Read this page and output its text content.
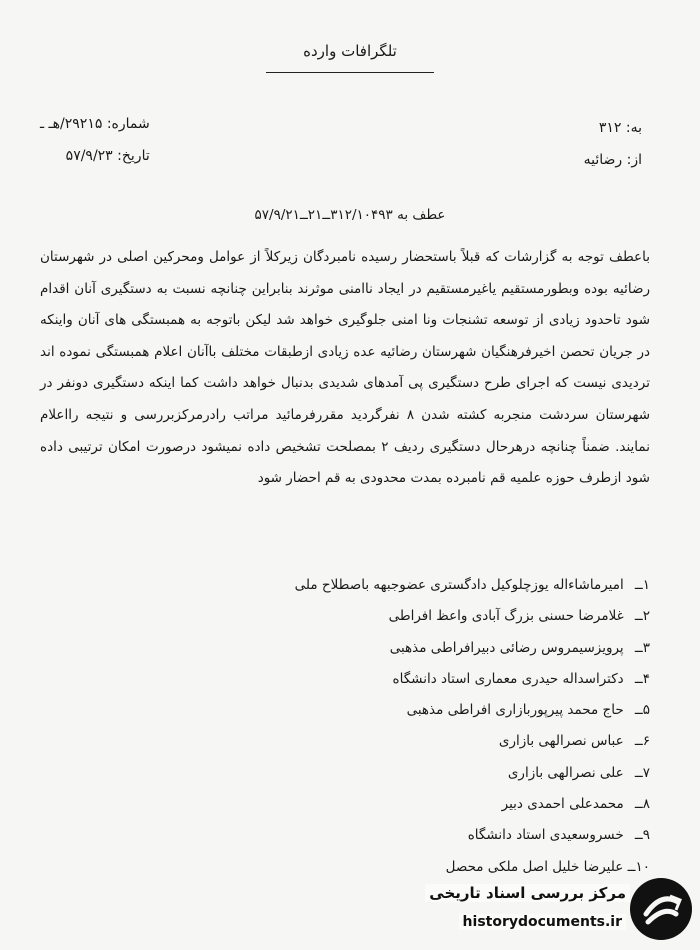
تلگرافات وارده
به: ۳۱۲
از: رضائیه
شماره: ۲۹۲۱۵/هـ ـ
تاریخ: ۵۷/۹/۲۳
عطف به ۳۱۲/۱۰۴۹۳ــ۲۱ــ۵۷/۹/۲۱

باعطف توجه به گزارشات که قبلاً باستحضار رسیده نامبردگان زیرکلاً از عوامل ومحرکین اصلی در شهرستان رضائیه بوده وبطورمستقیم یاغیرمستقیم در ایجاد ناامنی موثرند بنابراین چنانچه نسبت به دستگیری آنان اقدام شود تاحدود زیادی از توسعه تشنجات ونا امنی جلوگیری خواهد شد لیکن باتوجه به همبستگی های آنان واینکه در جریان تحصن اخیرفرهنگیان شهرستان رضائیه عده زیادی ازطبقات مختلف باآنان اعلام همبستگی نموده اند تردیدی نیست که اجرای طرح دستگیری پی آمدهای شدیدی بدنبال خواهد داشت کما اینکه دستگیری دونفر در شهرستان سردشت منجربه کشته شدن ۸ نفرگردید مقررفرمائید مراتب رادرمرکزبررسی و نتیجه رااعلام نمایند. ضمناً چنانچه درهرحال دستگیری ردیف ۲ بمصلحت تشخیص داده نمیشود درصورت امکان ترتیبی داده شود ازطرف حوزه علمیه قم نامبرده بمدت محدودی به قم احضار شود

۱ــ امیرماشاءاله یوزچلوکیل دادگستری عضوجبهه باصطلاح ملی
۲ــ غلامرضا حسنی بزرگ آبادی واعظ افراطی
۳ــ پرویزسیمروس رضائی دبیرافراطی مذهبی
۴ــ دکتراسداله حیدری معماری استاد دانشگاه
۵ــ حاج محمد پیرپوربازاری افراطی مذهبی
۶ــ عباس نصرالهی بازاری
۷ــ علی نصرالهی بازاری
۸ــ محمدعلی احمدی دبیر
۹ــ خسروسعیدی استاد دانشگاه
۱۰ــ علیرضا خلیل اصل ملکی محصل
مرکز بررسی اسناد تاریخی
historydocuments.ir
